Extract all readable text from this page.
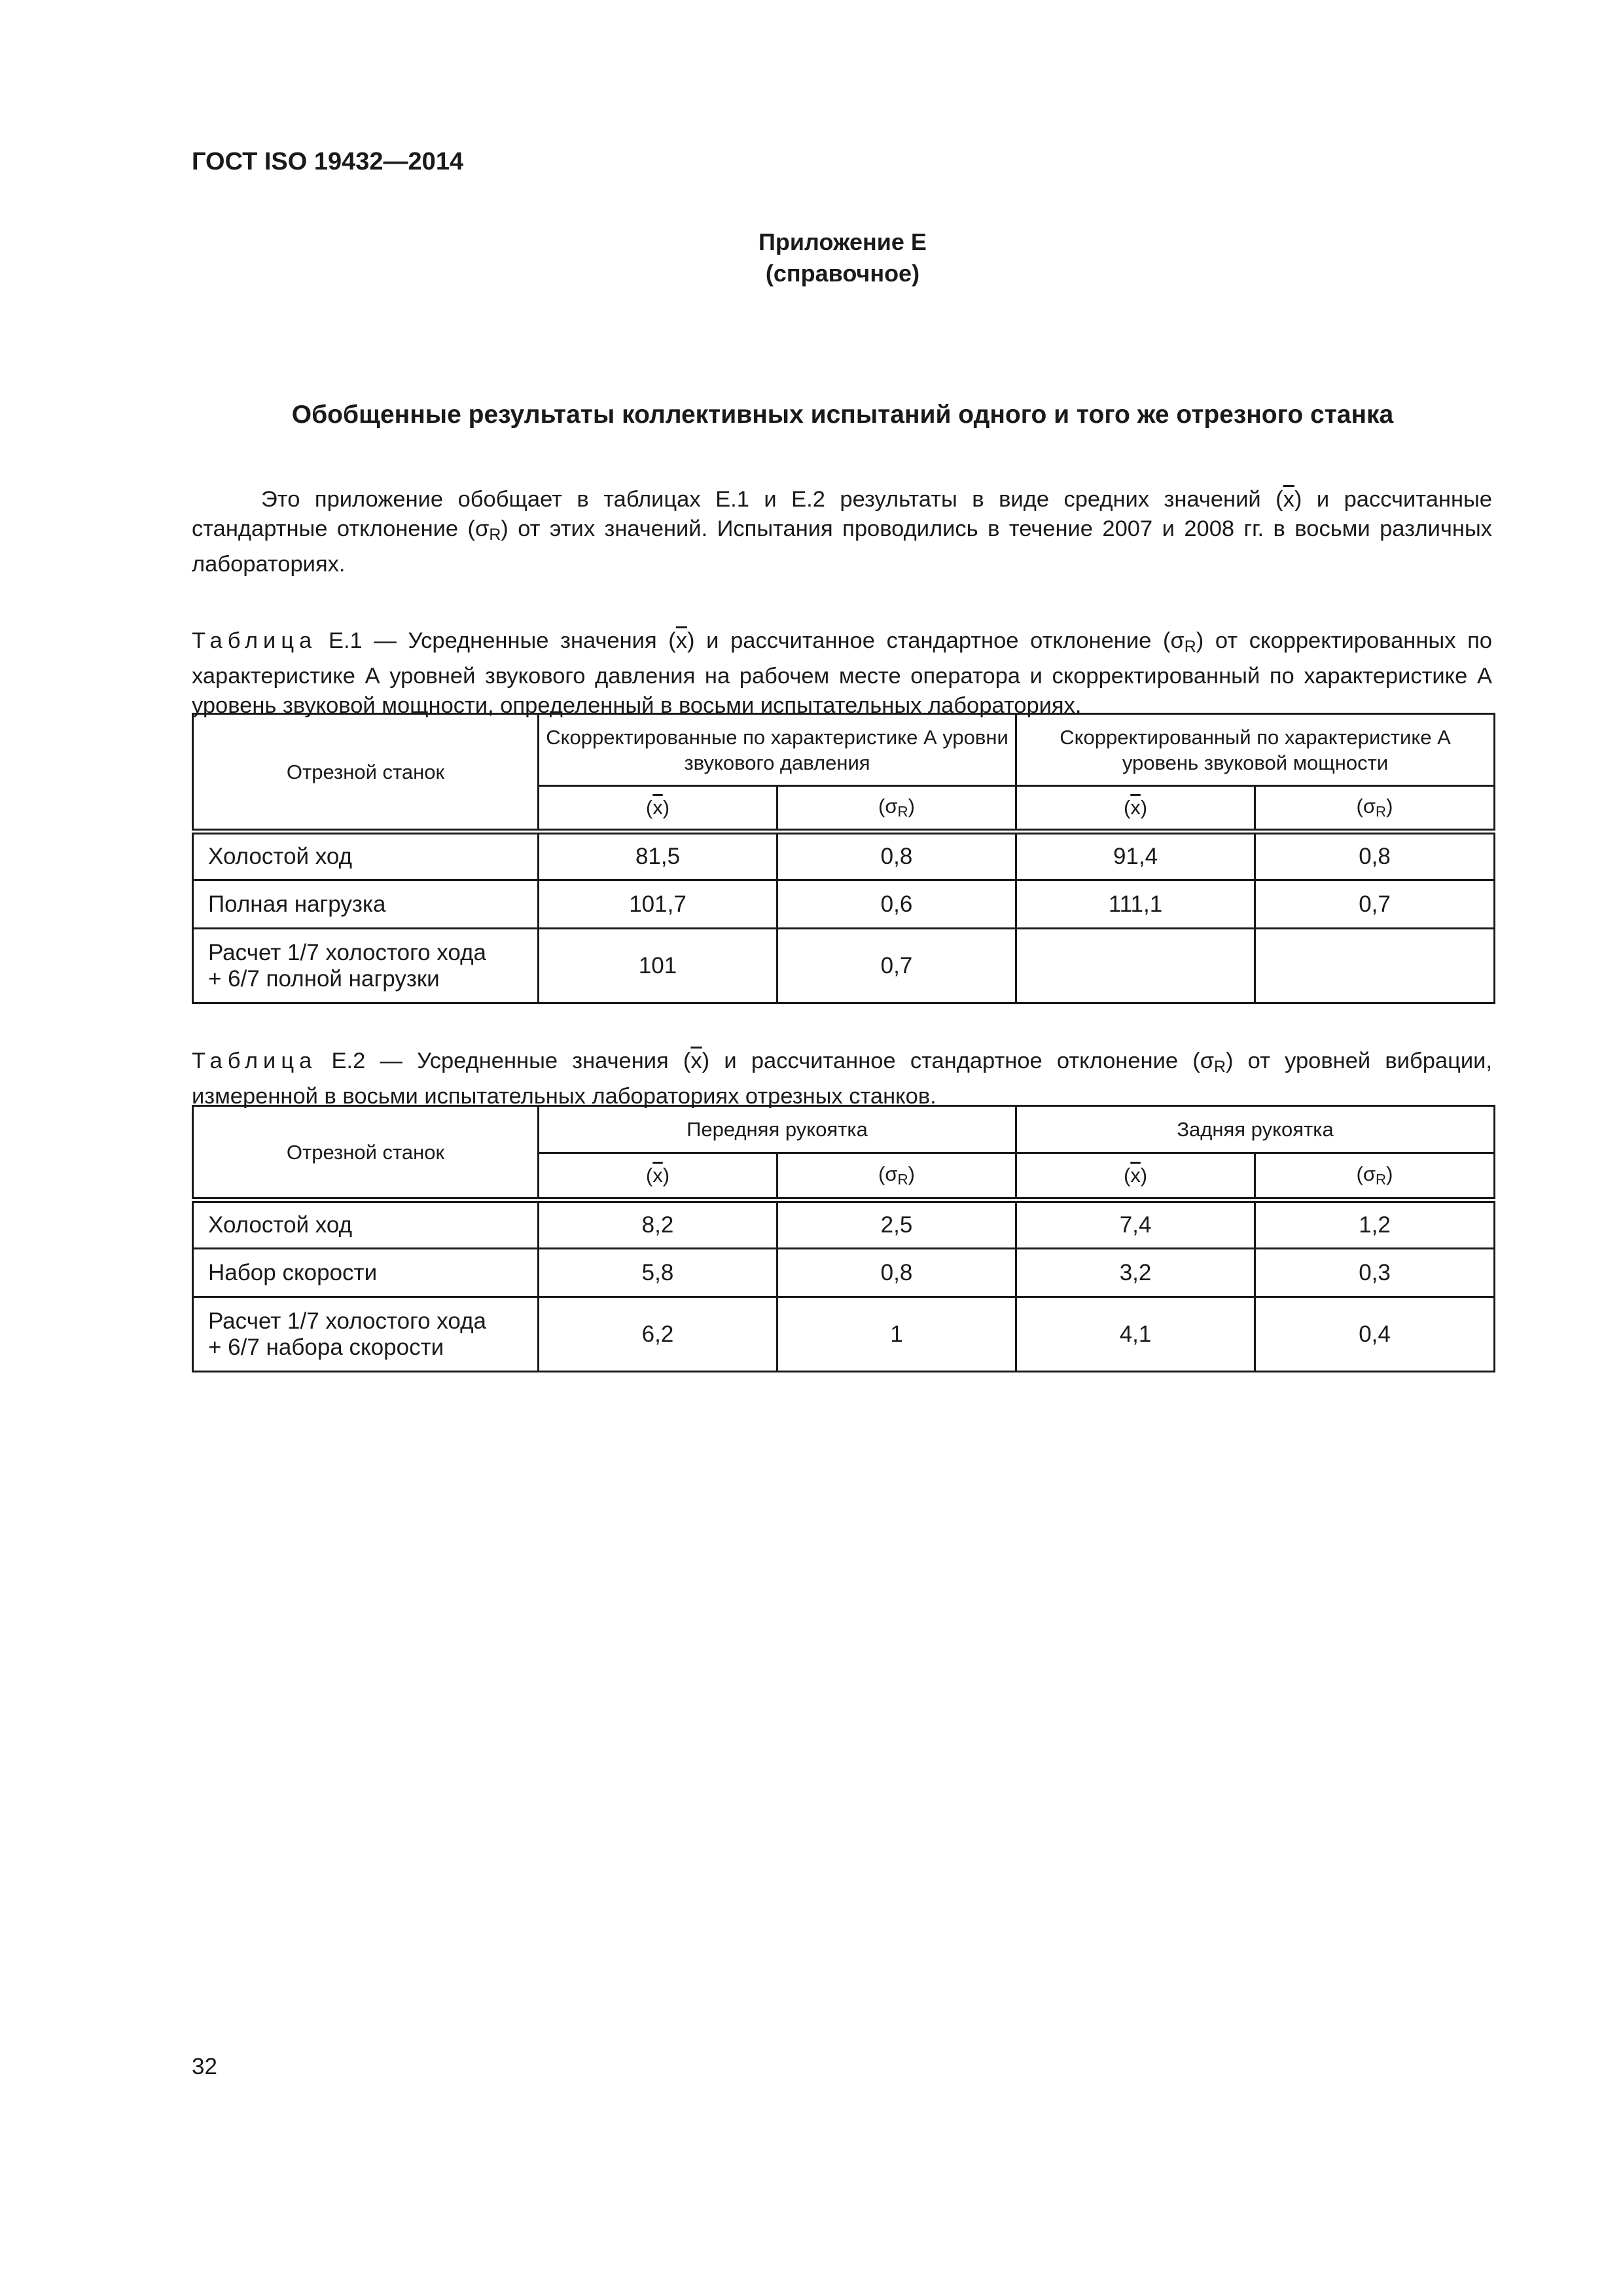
ГОСТ ISO 19432—2014
Приложение Е
(справочное)
Обобщенные результаты коллективных испытаний одного и того же отрезного станка

Это приложение обобщает в таблицах Е.1 и Е.2 результаты в виде средних значений $(\overline{x})$ и рассчитанные стандартные отклонение $(\sigma_R)$ от этих значений. Испытания проводились в течение 2007 и 2008 гг. в восьми различных лабораториях.

Таблица Е.1 — Усредненные значения $(\overline{x})$ и рассчитанное стандартное отклонение $(\sigma_R)$ от скорректированных по характеристике А уровней звукового давления на рабочем месте оператора и скорректированный по характеристике А уровень звуковой мощности, определенный в восьми испытательных лабораториях.

Отрезной станок	Скорректированные по характеристике А уровни звукового давления		Скорректированный по характеристике А уровень звуковой мощности	
	$(\overline{x})$	$(\sigma_R)$	$(\overline{x})$	$(\sigma_R)$

Холостой ход	81,5	0,8	91,4	0,8

Полная нагрузка	101,7	0,6	111,1	0,7

Расчет 1/7 холостого хода
+ 6/7 полной нагрузки	101	0,7		

Таблица Е.2 — Усредненные значения $(\overline{x})$ и рассчитанное стандартное отклонение $(\sigma_R)$ от уровней вибрации, измеренной в восьми испытательных лабораториях отрезных станков.

Отрезной станок	Передняя рукоятка		Задняя рукоятка	
	$(\overline{x})$	$(\sigma_R)$	$(\overline{x})$	$(\sigma_R)$

Холостой ход	8,2	2,5	7,4	1,2

Набор скорости	5,8	0,8	3,2	0,3

Расчет 1/7 холостого хода
+ 6/7 набора скорости	6,2	1	4,1	0,4
32
